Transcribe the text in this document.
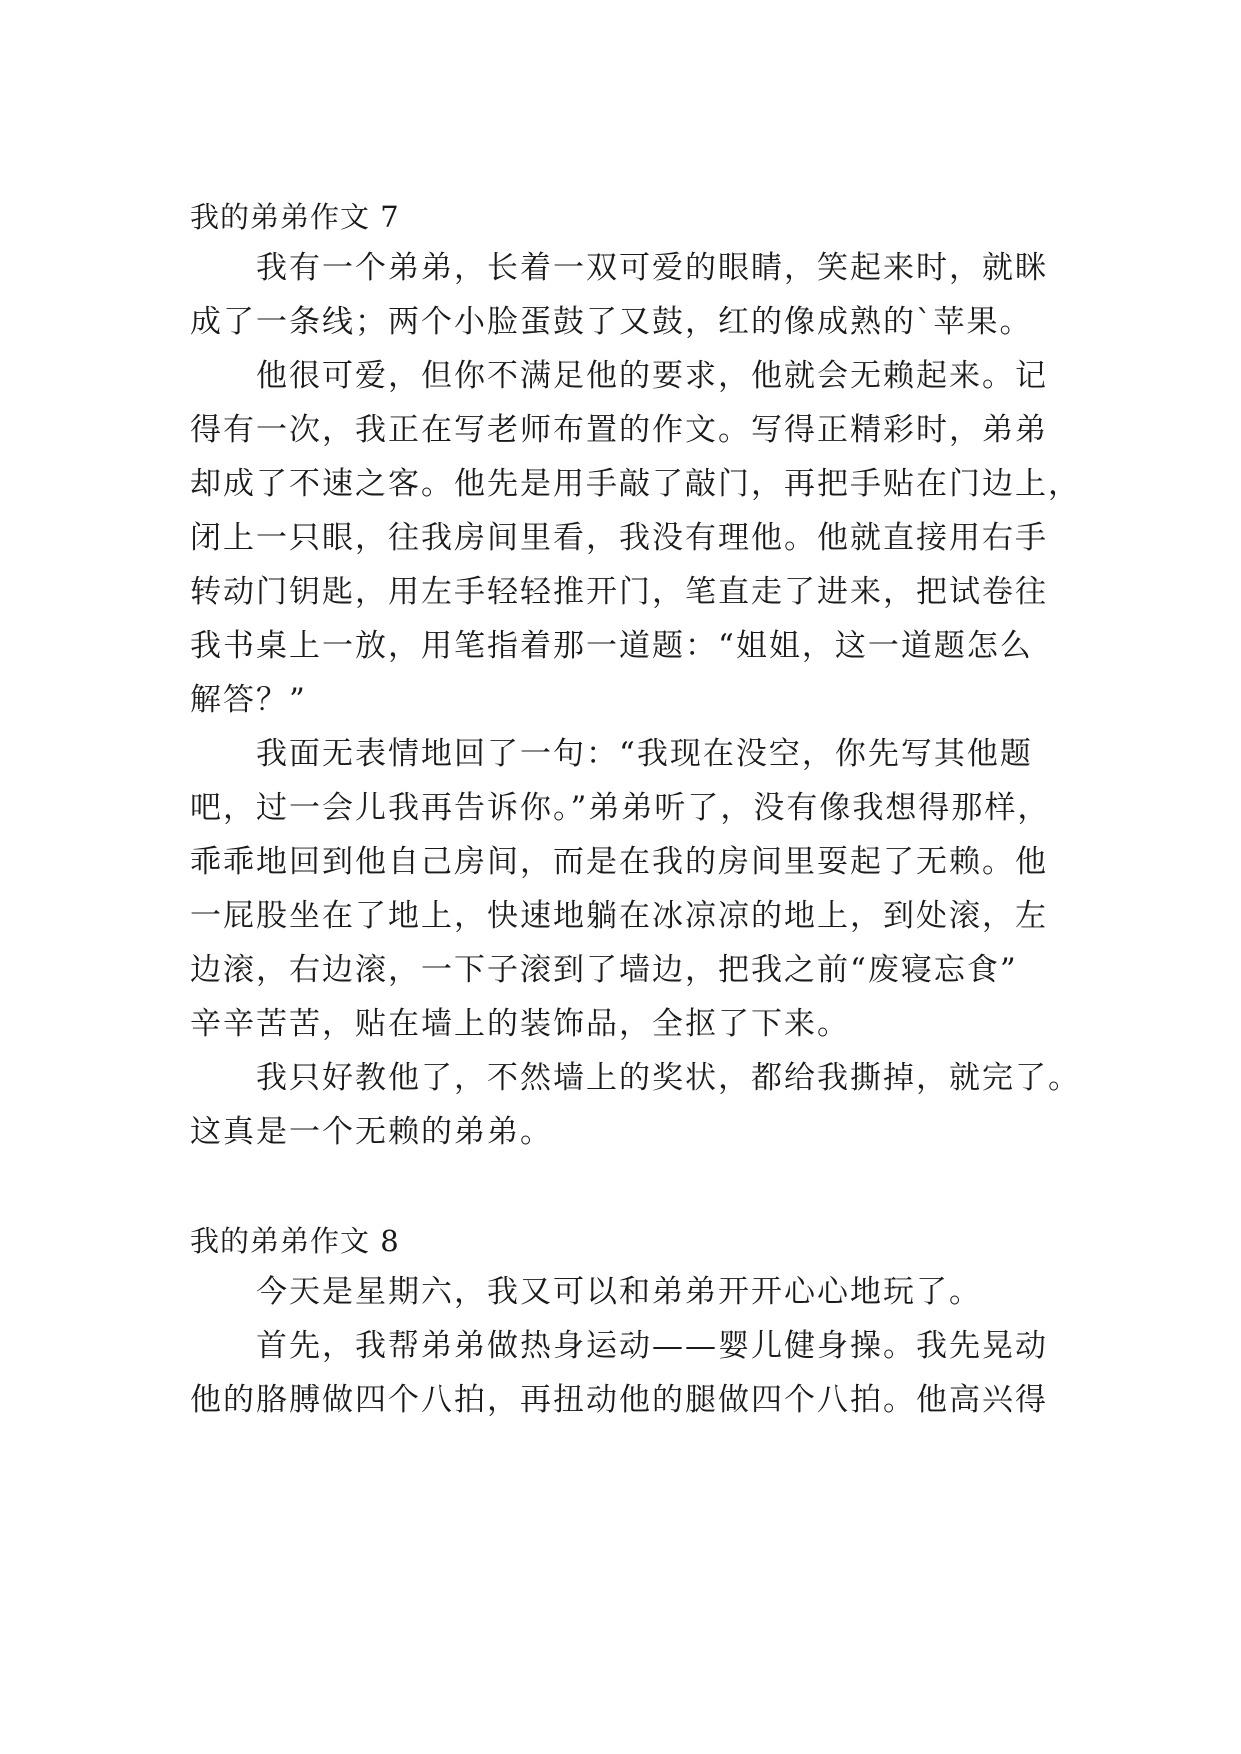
我的弟弟作文 7
我有一个弟弟，长着一双可爱的眼睛，笑起来时，就眯
成了一条线；两个小脸蛋鼓了又鼓，红的像成熟的`苹果。
他很可爱，但你不满足他的要求，他就会无赖起来。记
得有一次，我正在写老师布置的作文。写得正精彩时，弟弟
却成了不速之客。他先是用手敲了敲门，再把手贴在门边上，
闭上一只眼，往我房间里看，我没有理他。他就直接用右手
转动门钥匙，用左手轻轻推开门，笔直走了进来，把试卷往
我书桌上一放，用笔指着那一道题：“姐姐，这一道题怎么
解答？”
我面无表情地回了一句：“我现在没空，你先写其他题
吧，过一会儿我再告诉你。”弟弟听了，没有像我想得那样，
乖乖地回到他自己房间，而是在我的房间里耍起了无赖。他
一屁股坐在了地上，快速地躺在冰凉凉的地上，到处滚，左
边滚，右边滚，一下子滚到了墙边，把我之前“废寝忘食”
辛辛苦苦，贴在墙上的装饰品，全抠了下来。
我只好教他了，不然墙上的奖状，都给我撕掉，就完了。
这真是一个无赖的弟弟。
我的弟弟作文 8
今天是星期六，我又可以和弟弟开开心心地玩了。
首先，我帮弟弟做热身运动——婴儿健身操。我先晃动
他的胳膊做四个八拍，再扭动他的腿做四个八拍。他高兴得
